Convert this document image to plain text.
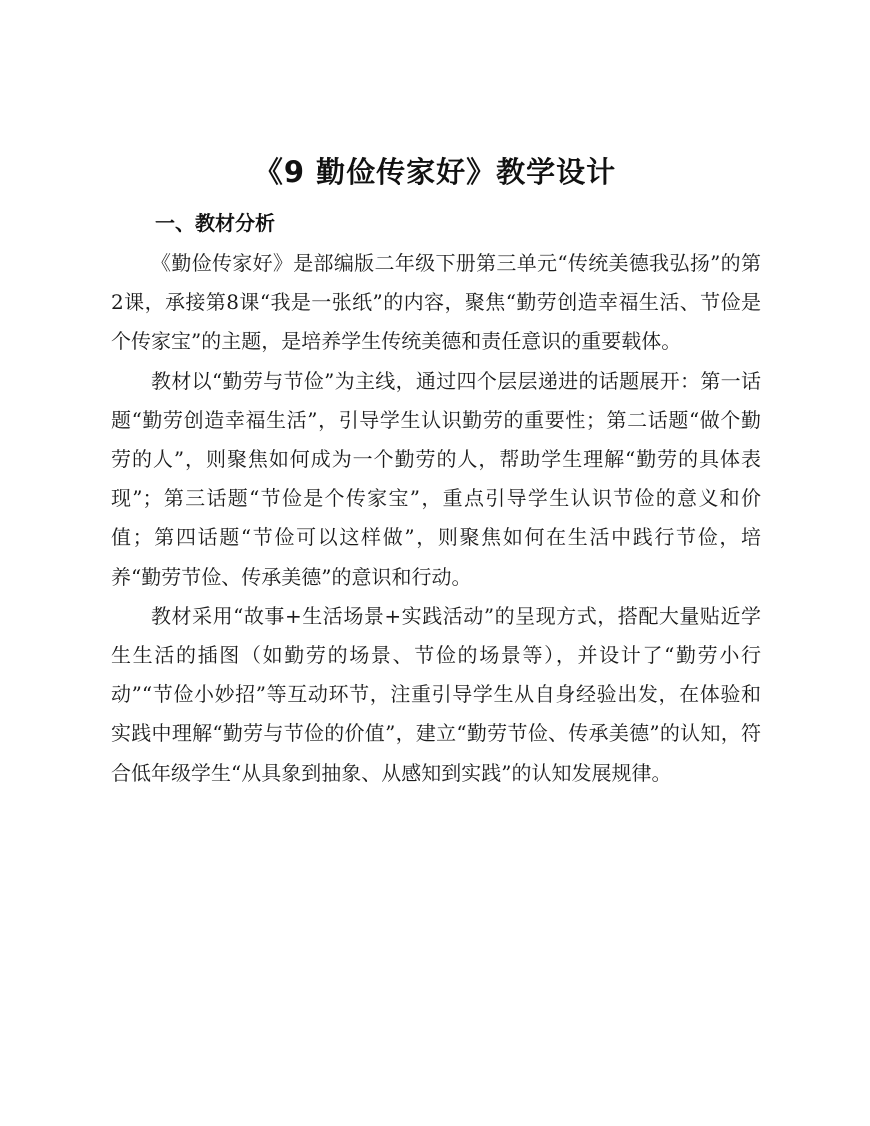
《9 勤俭传家好》教学设计
一、教材分析

《勤俭传家好》是部编版二年级下册第三单元“传统美德我弘扬”的第2课，承接第8课“我是一张纸”的内容，聚焦“勤劳创造幸福生活、节俭是个传家宝”的主题，是培养学生传统美德和责任意识的重要载体。

教材以“勤劳与节俭”为主线，通过四个层层递进的话题展开：第一话题“勤劳创造幸福生活”，引导学生认识勤劳的重要性；第二话题“做个勤劳的人”，则聚焦如何成为一个勤劳的人，帮助学生理解“勤劳的具体表现”；第三话题“节俭是个传家宝”，重点引导学生认识节俭的意义和价值；第四话题“节俭可以这样做”，则聚焦如何在生活中践行节俭，培养“勤劳节俭、传承美德”的意识和行动。

教材采用“故事+生活场景+实践活动”的呈现方式，搭配大量贴近学生生活的插图（如勤劳的场景、节俭的场景等），并设计了“勤劳小行动”“节俭小妙招”等互动环节，注重引导学生从自身经验出发，在体验和实践中理解“勤劳与节俭的价值”，建立“勤劳节俭、传承美德”的认知，符合低年级学生“从具象到抽象、从感知到实践”的认知发展规律。
